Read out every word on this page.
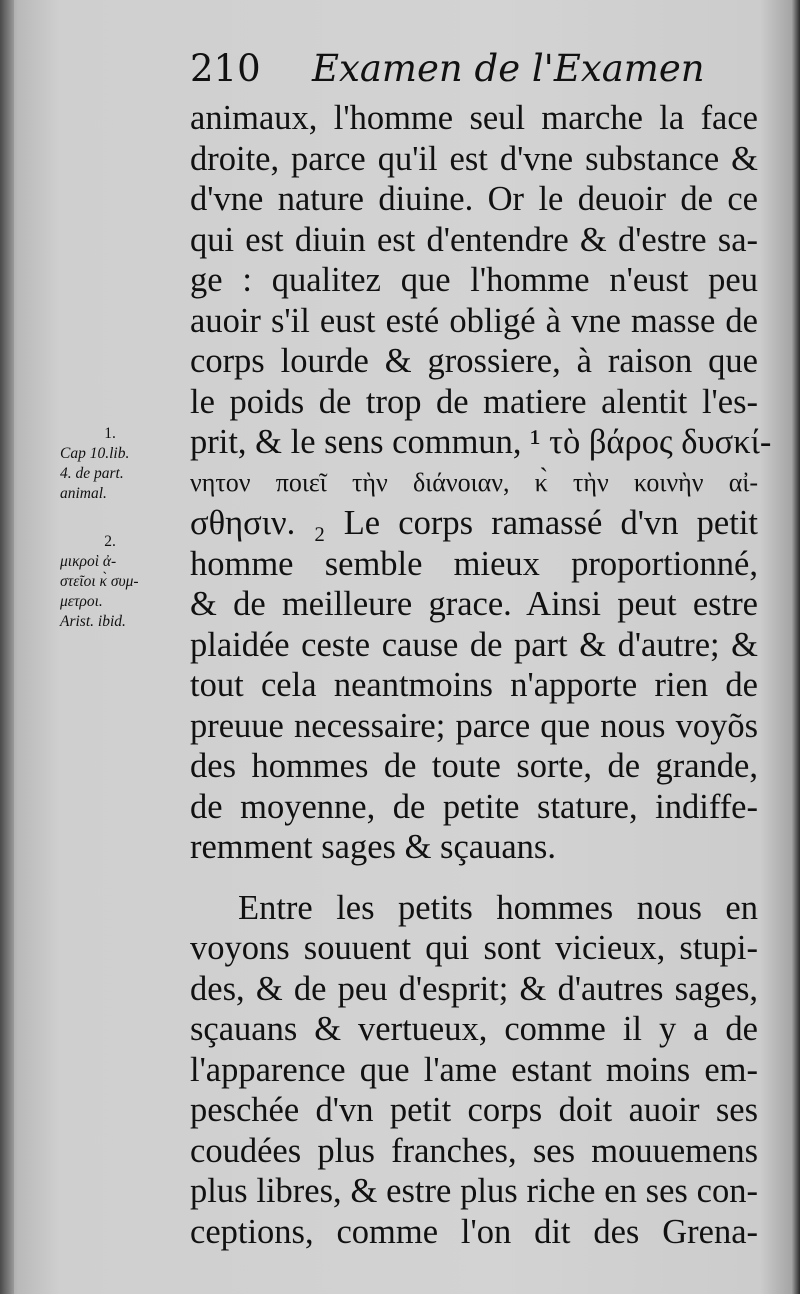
210 Examen de l'Examen
1.
Cap 10.lib.
4. de part.
animal.
2.
μικροὶ ἀ-
στεῖοι κ̀ συμ-
μετροι.
Arist. ibid.
animaux, l'homme seul marche la face
droite, parce qu'il est d'vne substance &
d'vne nature diuine. Or le deuoir de ce
qui est diuin est d'entendre & d'estre sa-
ge : qualitez que l'homme n'eust peu
auoir s'il eust esté obligé à vne masse de
corps lourde & grossiere, à raison que
le poids de trop de matiere alentit l'es-
prit, & le sens commun, ¹ τὸ βάρος δυσκί-
νητον ποιεῖ τὴν διάνοιαν, κ̀ τὴν κοινὴν αἰ-
σθησιν. ₂ Le corps ramassé d'vn petit
homme semble mieux proportionné,
& de meilleure grace. Ainsi peut estre
plaidée ceste cause de part & d'autre; &
tout cela neantmoins n'apporte rien de
preuue necessaire; parce que nous voyõs
des hommes de toute sorte, de grande,
de moyenne, de petite stature, indiffe-
remment sages & sçauans.
Entre les petits hommes nous en
voyons souuent qui sont vicieux, stupi-
des, & de peu d'esprit; & d'autres sages,
sçauans & vertueux, comme il y a de
l'apparence que l'ame estant moins em-
peschée d'vn petit corps doit auoir ses
coudées plus franches, ses mouuemens
plus libres, & estre plus riche en ses con-
ceptions, comme l'on dit des Grena-
